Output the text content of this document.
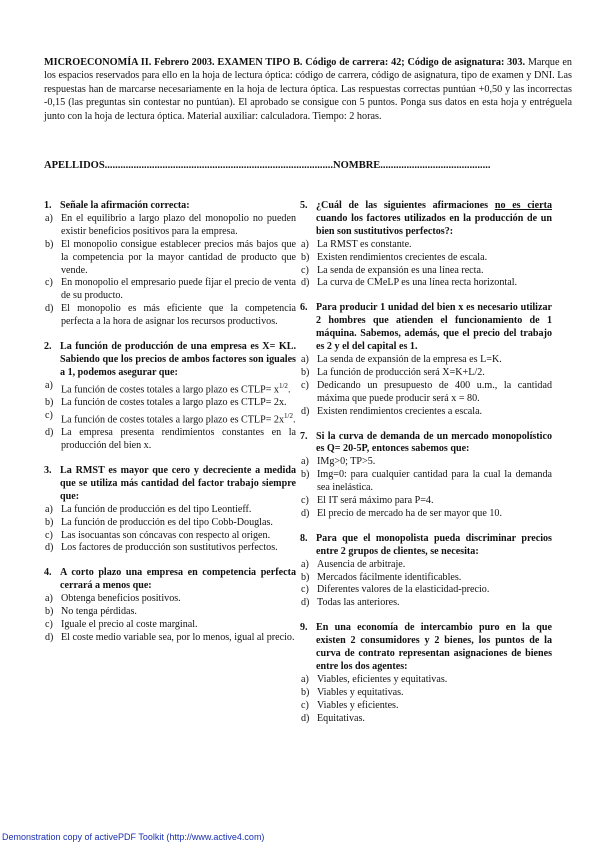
MICROECONOMÍA II. Febrero 2003. EXAMEN TIPO B. Código de carrera: 42; Código de asignatura: 303. Marque en los espacios reservados para ello en la hoja de lectura óptica: código de carrera, código de asignatura, tipo de examen y DNI. Las respuestas han de marcarse necesariamente en la hoja de lectura óptica. Las respuestas correctas puntúan +0,50 y las incorrectas -0,15 (las preguntas sin contestar no puntúan). El aprobado se consigue con 5 puntos. Ponga sus datos en esta hoja y entréguela junto con la hoja de lectura óptica. Material auxiliar: calculadora. Tiempo: 2 horas.
APELLIDOS.......................................................................................NOMBRE..........................................
1. Señale la afirmación correcta:
a) En el equilibrio a largo plazo del monopolio no pueden existir beneficios positivos para la empresa.
b) El monopolio consigue establecer precios más bajos que la competencia por la mayor cantidad de producto que vende.
c) En monopolio el empresario puede fijar el precio de venta de su producto.
d) El monopolio es más eficiente que la competencia perfecta a la hora de asignar los recursos productivos.
2. La función de producción de una empresa es X= KL. Sabiendo que los precios de ambos factores son iguales a 1, podemos asegurar que:
a) La función de costes totales a largo plazo es CTLP= $x^{1/2}$.
b) La función de costes totales a largo plazo es CTLP= 2x.
c) La función de costes totales a largo plazo es CTLP= $2x^{1/2}$.
d) La empresa presenta rendimientos constantes en la producción del bien x.
3. La RMST es mayor que cero y decreciente a medida que se utiliza más cantidad del factor trabajo siempre que:
a) La función de producción es del tipo Leontieff.
b) La función de producción es del tipo Cobb-Douglas.
c) Las isocuantas son cóncavas con respecto al origen.
d) Los factores de producción son sustitutivos perfectos.
4. A corto plazo una empresa en competencia perfecta cerrará a menos que:
a) Obtenga beneficios positivos.
b) No tenga pérdidas.
c) Iguale el precio al coste marginal.
d) El coste medio variable sea, por lo menos, igual al precio.
5. ¿Cuál de las siguientes afirmaciones no es cierta cuando los factores utilizados en la producción de un bien son sustitutivos perfectos?:
a) La RMST es constante.
b) Existen rendimientos crecientes de escala.
c) La senda de expansión es una línea recta.
d) La curva de CMeLP es una línea recta horizontal.
6. Para producir 1 unidad del bien x es necesario utilizar 2 hombres que atienden el funcionamiento de 1 máquina. Sabemos, además, que el precio del trabajo es 2 y el del capital es 1.
a) La senda de expansión de la empresa es L=K.
b) La función de producción será X=K+L/2.
c) Dedicando un presupuesto de 400 u.m., la cantidad máxima que puede producir será x = 80.
d) Existen rendimientos crecientes a escala.
7. Si la curva de demanda de un mercado monopolístico es Q= 20-5P, entonces sabemos que:
a) IMg>0; TP>5.
b) Img=0: para cualquier cantidad para la cual la demanda sea inelástica.
c) El IT será máximo para P=4.
d) El precio de mercado ha de ser mayor que 10.
8. Para que el monopolista pueda discriminar precios entre 2 grupos de clientes, se necesita:
a) Ausencia de arbitraje.
b) Mercados fácilmente identificables.
c) Diferentes valores de la elasticidad-precio.
d) Todas las anteriores.
9. En una economía de intercambio puro en la que existen 2 consumidores y 2 bienes, los puntos de la curva de contrato representan asignaciones de bienes entre los dos agentes:
a) Viables, eficientes y equitativas.
b) Viables y equitativas.
c) Viables y eficientes.
d) Equitativas.
Demonstration copy of activePDF Toolkit (http://www.active4.com)
